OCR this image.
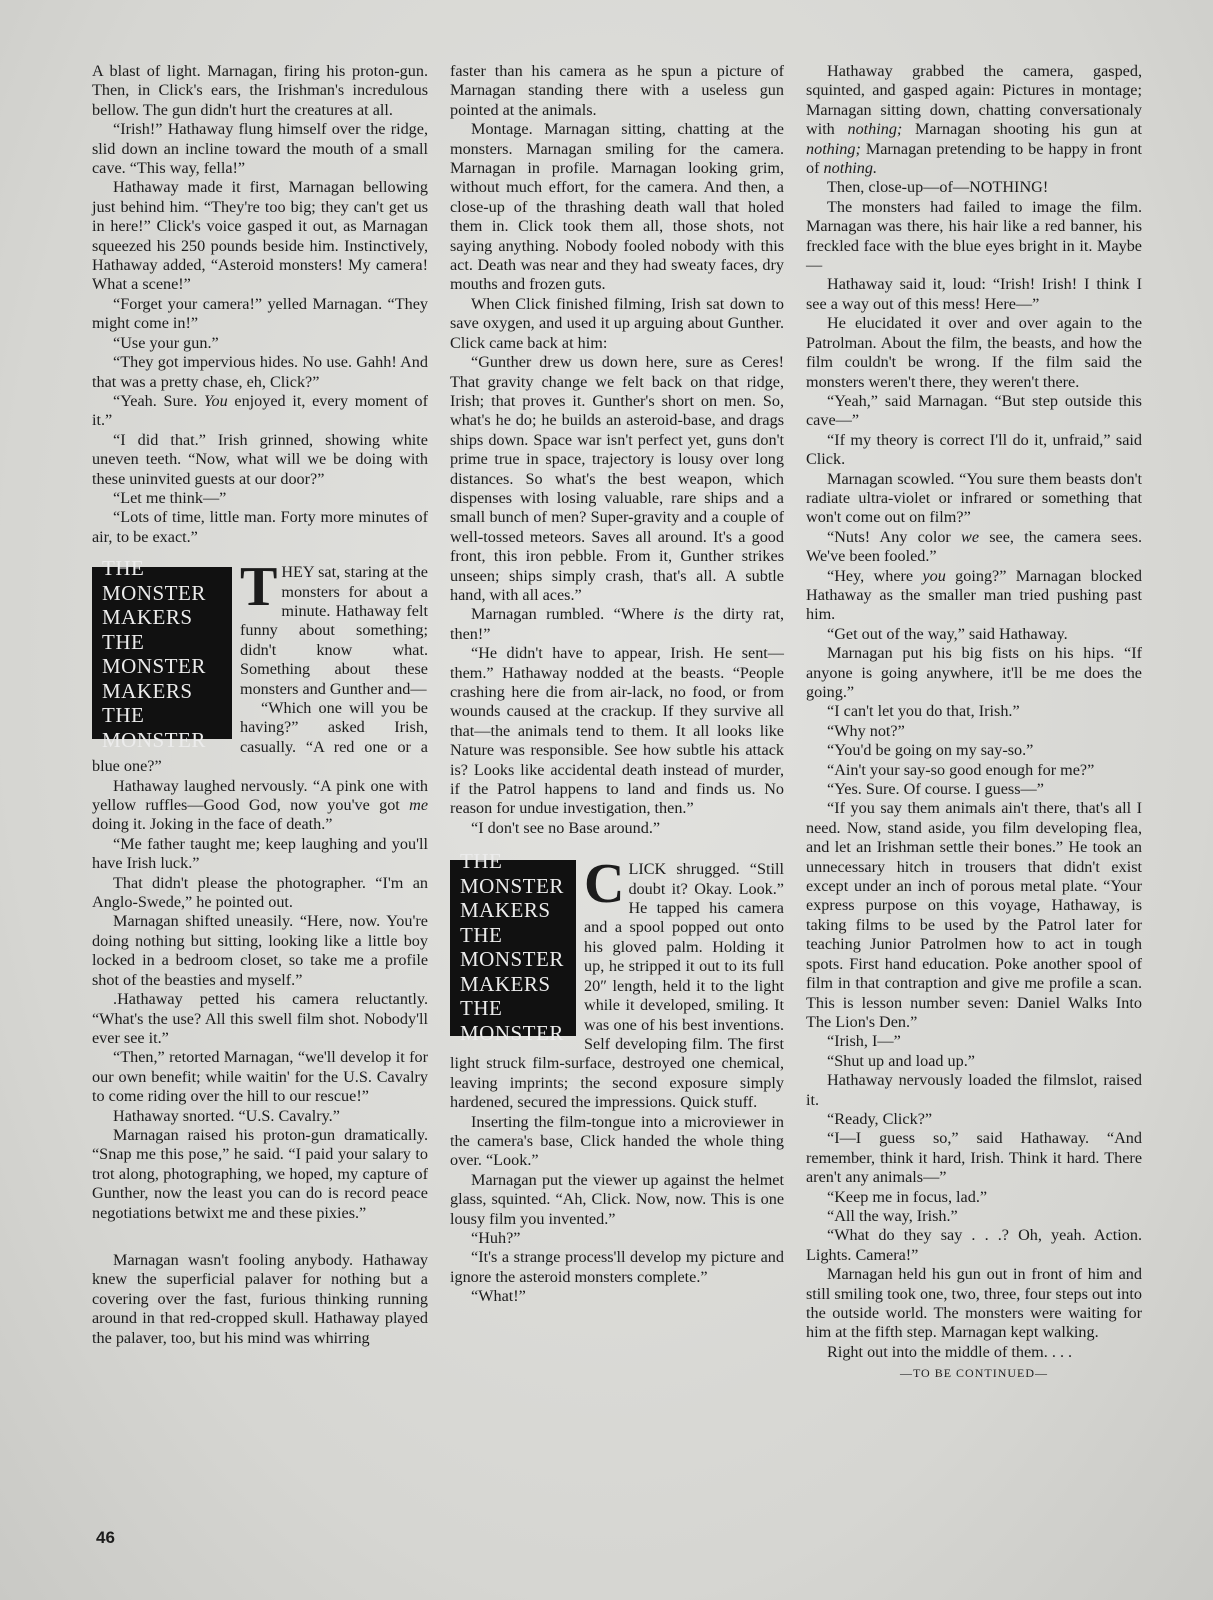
A blast of light. Marnagan, firing his proton-gun. Then, in Click's ears, the Irishman's incredulous bellow. The gun didn't hurt the creatures at all.

“Irish!” Hathaway flung himself over the ridge, slid down an incline toward the mouth of a small cave. “This way, fella!”

Hathaway made it first, Marnagan bellowing just behind him. “They're too big; they can't get us in here!” Click's voice gasped it out, as Marnagan squeezed his 250 pounds beside him. Instinctively, Hathaway added, “Asteroid monsters! My camera! What a scene!”

“Forget your camera!” yelled Marnagan. “They might come in!”

“Use your gun.”

“They got impervious hides. No use. Gahh! And that was a pretty chase, eh, Click?”

“Yeah. Sure. You enjoyed it, every moment of it.”

“I did that.” Irish grinned, showing white uneven teeth. “Now, what will we be doing with these uninvited guests at our door?”

“Let me think—”

“Lots of time, little man. Forty more minutes of air, to be exact.”

THE
MONSTER
MAKERS
THE
MONSTER
MAKERS
THE
MONSTER

THEY sat, staring at the monsters for about a minute. Hathaway felt funny about something; didn't know what. Something about these monsters and Gunther and—

“Which one will you be having?” asked Irish, casually. “A red one or a blue one?”

Hathaway laughed nervously. “A pink one with yellow ruffles—Good God, now you've got me doing it. Joking in the face of death.”

“Me father taught me; keep laughing and you'll have Irish luck.”

That didn't please the photographer. “I'm an Anglo-Swede,” he pointed out.

Marnagan shifted uneasily. “Here, now. You're doing nothing but sitting, looking like a little boy locked in a bedroom closet, so take me a profile shot of the beasties and myself.”

.Hathaway petted his camera reluctantly. “What's the use? All this swell film shot. Nobody'll ever see it.”

“Then,” retorted Marnagan, “we'll develop it for our own benefit; while waitin' for the U.S. Cavalry to come riding over the hill to our rescue!”

Hathaway snorted. “U.S. Cavalry.”

Marnagan raised his proton-gun dramatically. “Snap me this pose,” he said. “I paid your salary to trot along, photographing, we hoped, my capture of Gunther, now the least you can do is record peace negotiations betwixt me and these pixies.”

Marnagan wasn't fooling anybody. Hathaway knew the superficial palaver for nothing but a covering over the fast, furious thinking running around in that red-cropped skull. Hathaway played the palaver, too, but his mind was whirring

faster than his camera as he spun a picture of Marnagan standing there with a useless gun pointed at the animals.

Montage. Marnagan sitting, chatting at the monsters. Marnagan smiling for the camera. Marnagan in profile. Marnagan looking grim, without much effort, for the camera. And then, a close-up of the thrashing death wall that holed them in. Click took them all, those shots, not saying anything. Nobody fooled nobody with this act. Death was near and they had sweaty faces, dry mouths and frozen guts.

When Click finished filming, Irish sat down to save oxygen, and used it up arguing about Gunther. Click came back at him:

“Gunther drew us down here, sure as Ceres! That gravity change we felt back on that ridge, Irish; that proves it. Gunther's short on men. So, what's he do; he builds an asteroid-base, and drags ships down. Space war isn't perfect yet, guns don't prime true in space, trajectory is lousy over long distances. So what's the best weapon, which dispenses with losing valuable, rare ships and a small bunch of men? Super-gravity and a couple of well-tossed meteors. Saves all around. It's a good front, this iron pebble. From it, Gunther strikes unseen; ships simply crash, that's all. A subtle hand, with all aces.”

Marnagan rumbled. “Where is the dirty rat, then!”

“He didn't have to appear, Irish. He sent—them.” Hathaway nodded at the beasts. “People crashing here die from air-lack, no food, or from wounds caused at the crackup. If they survive all that—the animals tend to them. It all looks like Nature was responsible. See how subtle his attack is? Looks like accidental death instead of murder, if the Patrol happens to land and finds us. No reason for undue investigation, then.”

“I don't see no Base around.”

THE
MONSTER
MAKERS
THE
MONSTER
MAKERS
THE
MONSTER

CLICK shrugged. “Still doubt it? Okay. Look.” He tapped his camera and a spool popped out onto his gloved palm. Holding it up, he stripped it out to its full 20″ length, held it to the light while it developed, smiling. It was one of his best inventions. Self developing film. The first light struck film-surface, destroyed one chemical, leaving imprints; the second exposure simply hardened, secured the impressions. Quick stuff.

Inserting the film-tongue into a microviewer in the camera's base, Click handed the whole thing over. “Look.”

Marnagan put the viewer up against the helmet glass, squinted. “Ah, Click. Now, now. This is one lousy film you invented.”

“Huh?”

“It's a strange process'll develop my picture and ignore the asteroid monsters complete.”

“What!”

Hathaway grabbed the camera, gasped, squinted, and gasped again: Pictures in montage; Marnagan sitting down, chatting conversationaly with nothing; Marnagan shooting his gun at nothing; Marnagan pretending to be happy in front of nothing.

Then, close-up—of—NOTHING!

The monsters had failed to image the film. Marnagan was there, his hair like a red banner, his freckled face with the blue eyes bright in it. Maybe—

Hathaway said it, loud: “Irish! Irish! I think I see a way out of this mess! Here—”

He elucidated it over and over again to the Patrolman. About the film, the beasts, and how the film couldn't be wrong. If the film said the monsters weren't there, they weren't there.

“Yeah,” said Marnagan. “But step outside this cave—”

“If my theory is correct I'll do it, unfraid,” said Click.

Marnagan scowled. “You sure them beasts don't radiate ultra-violet or infrared or something that won't come out on film?”

“Nuts! Any color we see, the camera sees. We've been fooled.”

“Hey, where you going?” Marnagan blocked Hathaway as the smaller man tried pushing past him.

“Get out of the way,” said Hathaway.

Marnagan put his big fists on his hips. “If anyone is going anywhere, it'll be me does the going.”

“I can't let you do that, Irish.”

“Why not?”

“You'd be going on my say-so.”

“Ain't your say-so good enough for me?”

“Yes. Sure. Of course. I guess—”

“If you say them animals ain't there, that's all I need. Now, stand aside, you film developing flea, and let an Irishman settle their bones.” He took an unnecessary hitch in trousers that didn't exist except under an inch of porous metal plate. “Your express purpose on this voyage, Hathaway, is taking films to be used by the Patrol later for teaching Junior Patrolmen how to act in tough spots. First hand education. Poke another spool of film in that contraption and give me profile a scan. This is lesson number seven: Daniel Walks Into The Lion's Den.”

“Irish, I—”

“Shut up and load up.”

Hathaway nervously loaded the filmslot, raised it.

“Ready, Click?”

“I—I guess so,” said Hathaway. “And remember, think it hard, Irish. Think it hard. There aren't any animals—”

“Keep me in focus, lad.”

“All the way, Irish.”

“What do they say . . .? Oh, yeah. Action. Lights. Camera!”

Marnagan held his gun out in front of him and still smiling took one, two, three, four steps out into the outside world. The monsters were waiting for him at the fifth step. Marnagan kept walking.

Right out into the middle of them. . . .

—TO BE CONTINUED—
46
